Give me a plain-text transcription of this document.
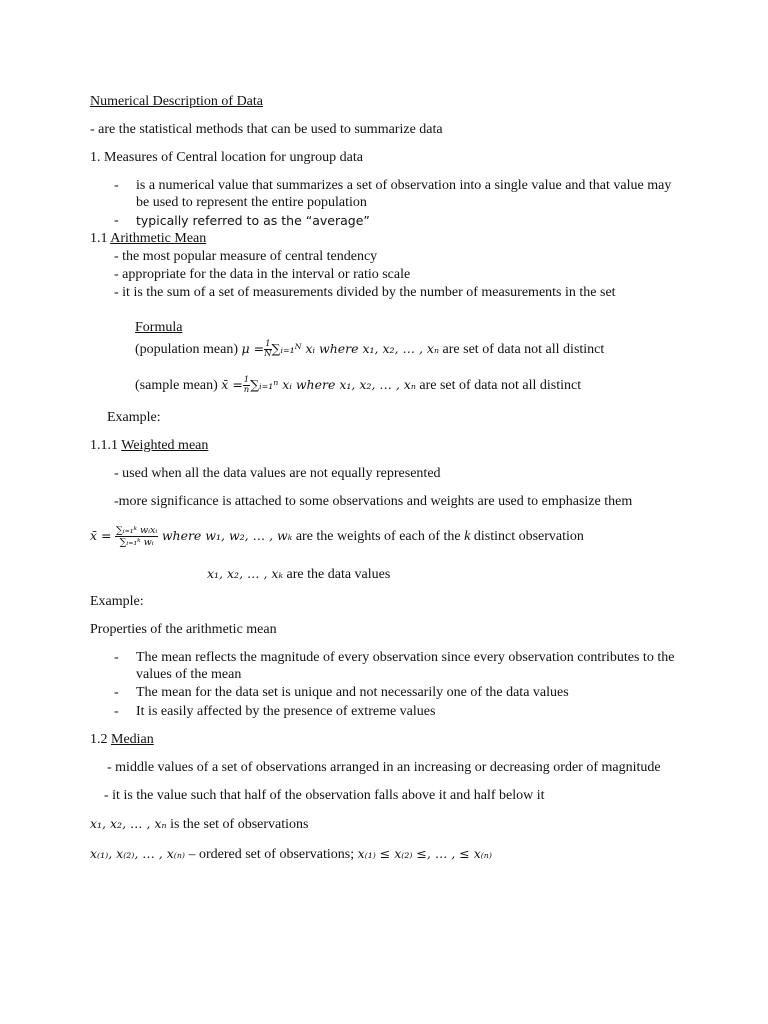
Numerical Description of Data
- are the statistical methods that can be used to summarize data
1. Measures of Central location for ungroup data
- is a numerical value that summarizes a set of observation into a single value and that value may
be used to represent the entire population
- typically referred to as the “average”
1.1 Arithmetic Mean
- the most popular measure of central tendency
- appropriate for the data in the interval or ratio scale
- it is the sum of a set of measurements divided by the number of measurements in the set
Formula
(population mean) $\mu = \frac{1}{N}$ ∑ᵢ₌₁ᴺ xᵢ where x₁, x₂, … , xₙ are set of data not all distinct
(sample mean) x̄ = $\frac{1}{n}$ ∑ᵢ₌₁ⁿ xᵢ where x₁, x₂, … , xₙ are set of data not all distinct
Example:
1.1.1 Weighted mean
- used when all the data values are not equally represented
-more significance is attached to some observations and weights are used to emphasize them
x̄ = $\frac{\text{∑ᵢ₌₁ᵏ wᵢxᵢ}}{\text{∑ᵢ₌₁ᵏ wᵢ}}$ where w₁, w₂, … , wₖ are the weights of each of the k distinct observation
x₁, x₂, … , xₖ are the data values
Example:
Properties of the arithmetic mean
- The mean reflects the magnitude of every observation since every observation contributes to the
values of the mean
- The mean for the data set is unique and not necessarily one of the data values
- It is easily affected by the presence of extreme values
1.2 Median
- middle values of a set of observations arranged in an increasing or decreasing order of magnitude
- it is the value such that half of the observation falls above it and half below it
x₁, x₂, … , xₙ is the set of observations
x₍₁₎, x₍₂₎, … , x₍ₙ₎ – ordered set of observations; x₍₁₎ ≤ x₍₂₎ ≤, … , ≤ x₍ₙ₎
